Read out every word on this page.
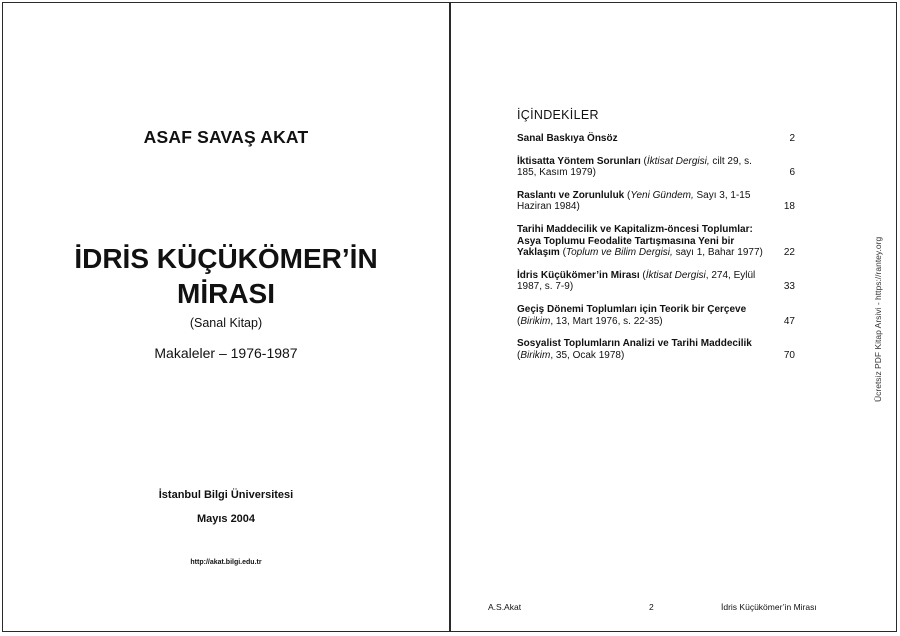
ASAF SAVAŞ AKAT
İDRİS KÜÇÜKÖMER’İN
MİRASI
(Sanal Kitap)
Makaleler – 1976-1987
İstanbul Bilgi Üniversitesi
Mayıs 2004
http://akat.bilgi.edu.tr
İÇİNDEKİLER
Sanal Baskıya Önsöz	2
İktisatta Yöntem Sorunları (İktisat Dergisi, cilt 29, s. 185, Kasım 1979)	6
Raslantı ve Zorunluluk (Yeni Gündem, Sayı 3, 1-15 Haziran 1984)	18
Tarihi Maddecilik ve Kapitalizm-öncesi Toplumlar: Asya Toplumu Feodalite Tartışmasına Yeni bir Yaklaşım (Toplum ve Bilim Dergisi, sayı 1, Bahar 1977)	22
İdris Küçükömer’in Mirası (İktisat Dergisi, 274, Eylül 1987, s. 7-9)	33
Geçiş Dönemi Toplumları için Teorik bir Çerçeve (Birikim, 13, Mart 1976, s. 22-35)	47
Sosyalist Toplumların Analizi ve Tarihi Maddecilik (Birikim, 35, Ocak 1978)	70
A.S.Akat	2	İdris Küçükömer’in Mirası
Ücretsiz PDF Kitap Arsivi - https://rantey.org
